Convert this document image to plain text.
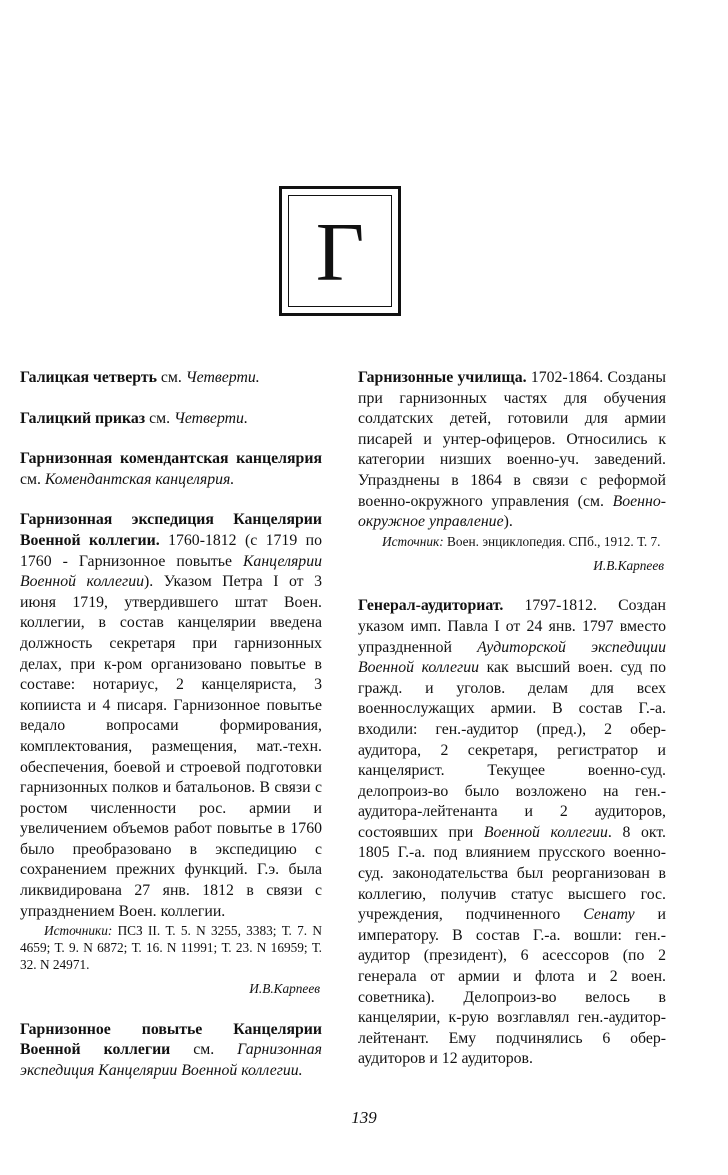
Г

Галицкая четверть см. Четверти.

Галицкий приказ см. Четверти.

Гарнизонная комендантская канцелярия см. Комендантская канцелярия.

Гарнизонная экспедиция Канцелярии Военной коллегии. 1760-1812 (с 1719 по 1760 - Гарнизонное повытье Канцелярии Военной коллегии). Указом Петра I от 3 июня 1719, утвердившего штат Воен. коллегии, в состав канцелярии введена должность секретаря при гарнизонных делах, при к-ром организовано повытье в составе: нотариус, 2 канцеляриста, 3 копииста и 4 писаря. Гарнизонное повытье ведало вопросами формирования, комплектования, размещения, мат.-техн. обеспечения, боевой и строевой подготовки гарнизонных полков и батальонов. В связи с ростом численности рос. армии и увеличением объемов работ повытье в 1760 было преобразовано в экспедицию с сохранением прежних функций. Г.э. была ликвидирована 27 янв. 1812 в связи с упразднением Воен. коллегии.

Источники: ПСЗ II. Т. 5. N 3255, 3383; Т. 7. N 4659; Т. 9. N 6872; Т. 16. N 11991; Т. 23. N 16959; Т. 32. N 24971.

И.В.Карпеев

Гарнизонное повытье Канцелярии Военной коллегии см. Гарнизонная экспедиция Канцелярии Военной коллегии.

Гарнизонные училища. 1702-1864. Созданы при гарнизонных частях для обучения солдатских детей, готовили для армии писарей и унтер-офицеров. Относились к категории низших военно-уч. заведений. Упразднены в 1864 в связи с реформой военно-окружного управления (см. Военно-окружное управление).

Источник: Воен. энциклопедия. СПб., 1912. Т. 7.

И.В.Карпеев

Генерал-аудиториат. 1797-1812. Создан указом имп. Павла I от 24 янв. 1797 вместо упраздненной Аудиторской экспедиции Военной коллегии как высший воен. суд по гражд. и уголов. делам для всех военнослужащих армии. В состав Г.-а. входили: ген.-аудитор (пред.), 2 обер-аудитора, 2 секретаря, регистратор и канцелярист. Текущее военно-суд. делопроиз-во было возложено на ген.-аудитора-лейтенанта и 2 аудиторов, состоявших при Военной коллегии. 8 окт. 1805 Г.-а. под влиянием прусского военно-суд. законодательства был реорганизован в коллегию, получив статус высшего гос. учреждения, подчиненного Сенату и императору. В состав Г.-а. вошли: ген.-аудитор (президент), 6 асессоров (по 2 генерала от армии и флота и 2 воен. советника). Делопроиз-во велось в канцелярии, к-рую возглавлял ген.-аудитор-лейтенант. Ему подчинялись 6 обер-аудиторов и 12 аудиторов.

139
